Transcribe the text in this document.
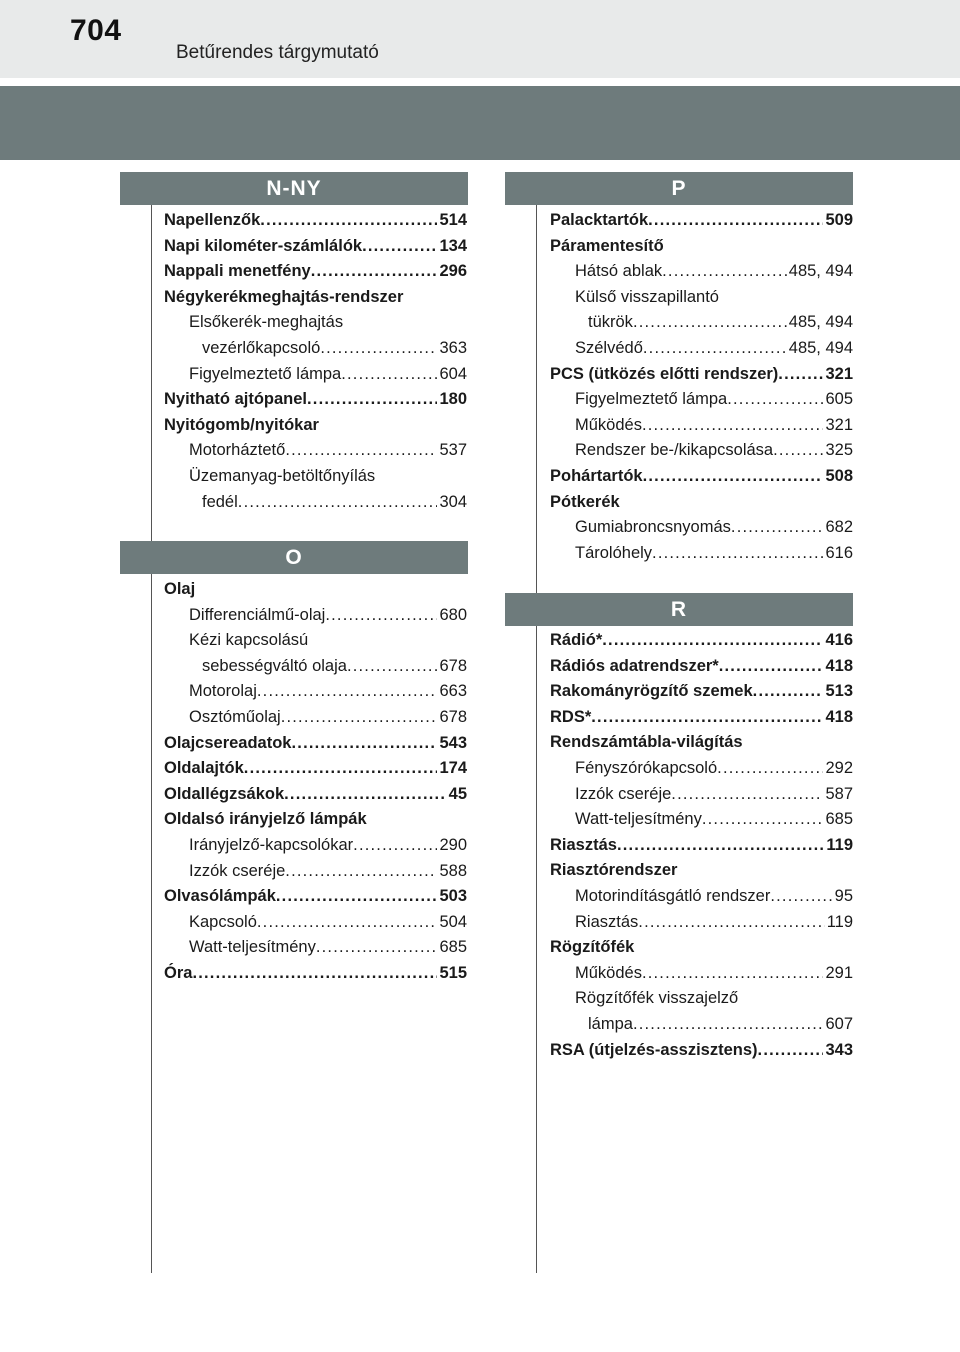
704
Betűrendes tárgymutató
N-NY
Napellenzők .....	514
Napi kilométer-számlálók .....	134
Nappali menetfény .....	296
Négykerékmeghajtás-rendszer
Elsőkerék-meghajtás
vezérlőkapcsoló .....	363
Figyelmeztető lámpa .....	604
Nyitható ajtópanel .....	180
Nyitógomb/nyitókar
Motorháztető .....	537
Üzemanyag-betöltőnyílás
fedél .....	304
O
Olaj
Differenciálmű-olaj .....	680
Kézi kapcsolású
sebességváltó olaja .....	678
Motorolaj .....	663
Osztóműolaj .....	678
Olajcsereadatok .....	543
Oldalajtók .....	174
Oldallégzsákok .....	45
Oldalsó irányjelző lámpák
Irányjelző-kapcsolókar .....	290
Izzók cseréje .....	588
Olvasólámpák .....	503
Kapcsoló .....	504
Watt-teljesítmény .....	685
Óra .....	515
P
Palacktartók .....	509
Páramentesítő
Hátsó ablak .....	485, 494
Külső visszapillantó
tükrök .....	485, 494
Szélvédő .....	485, 494
PCS (ütközés előtti rendszer) .....	321
Figyelmeztető lámpa .....	605
Működés .....	321
Rendszer be-/kikapcsolása .....	325
Pohártartók .....	508
Pótkerék
Gumiabroncsnyomás .....	682
Tárolóhely .....	616
R
Rádió* .....	416
Rádiós adatrendszer* .....	418
Rakományrögzítő szemek .....	513
RDS* .....	418
Rendszámtábla-világítás
Fényszórókapcsoló .....	292
Izzók cseréje .....	587
Watt-teljesítmény .....	685
Riasztás .....	119
Riasztórendszer
Motorindításgátló rendszer .....	95
Riasztás .....	119
Rögzítőfék
Működés .....	291
Rögzítőfék visszajelző
lámpa .....	607
RSA (útjelzés-asszisztens) .....	343
